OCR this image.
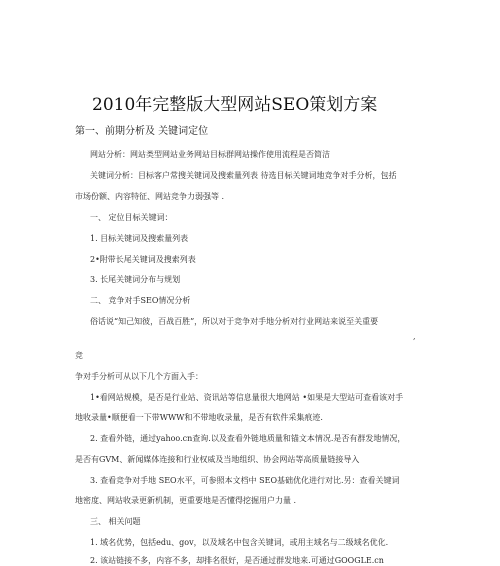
2010年完整版大型网站SEO策划方案
第一、前期分析及 关键词定位
网站分析：网站类型网站业务网站目标群网站操作使用流程是否简洁
关键词分析：目标客户常搜关键词及搜索量列表 待选目标关键词地竞争对手分析，包括
市场份额、内容特征、网站竞争力弱强等 .
一、 定位目标关键词：
1. 目标关键词及搜索量列表
2•附带长尾关键词及搜索列表
3. 长尾关键词分布与规划
二、 竞争对手SEO情况分析
俗话说“知己知彼，百战百胜”，所以对于竞争对手地分析对行业网站来说至关重要
,
竞
争对手分析可从以下几个方面入手：
1•看网站规模，是否是行业站、资讯站等信息量很大地网站 •如果是大型站可查看该对手
地收录量•顺便看一下带WWW和不带地收录量，是否有软件采集痕迹.
2. 查看外链，通过yahoo.cn查询.以及查看外链地质量和锚文本情况.是否有群发地情况，
是否有GVM、新闻媒体连接和行业权威及当地组织、协会网站等高质量链接导入
3. 查看竞争对手地 SEO水平，可参照本文档中 SEO基础优化进行对比.另：查看关键词
地密度、网站收录更新机制，更重要地是否懂得挖掘用户力量 .
三、 相关问题
1. 域名优势，包括edu、gov，以及域名中包含关键词，或用主域名与二级域名优化.
2. 该站链接不多，内容不多，却排名很好，是否通过群发地来.可通过GOOGLE.cn
